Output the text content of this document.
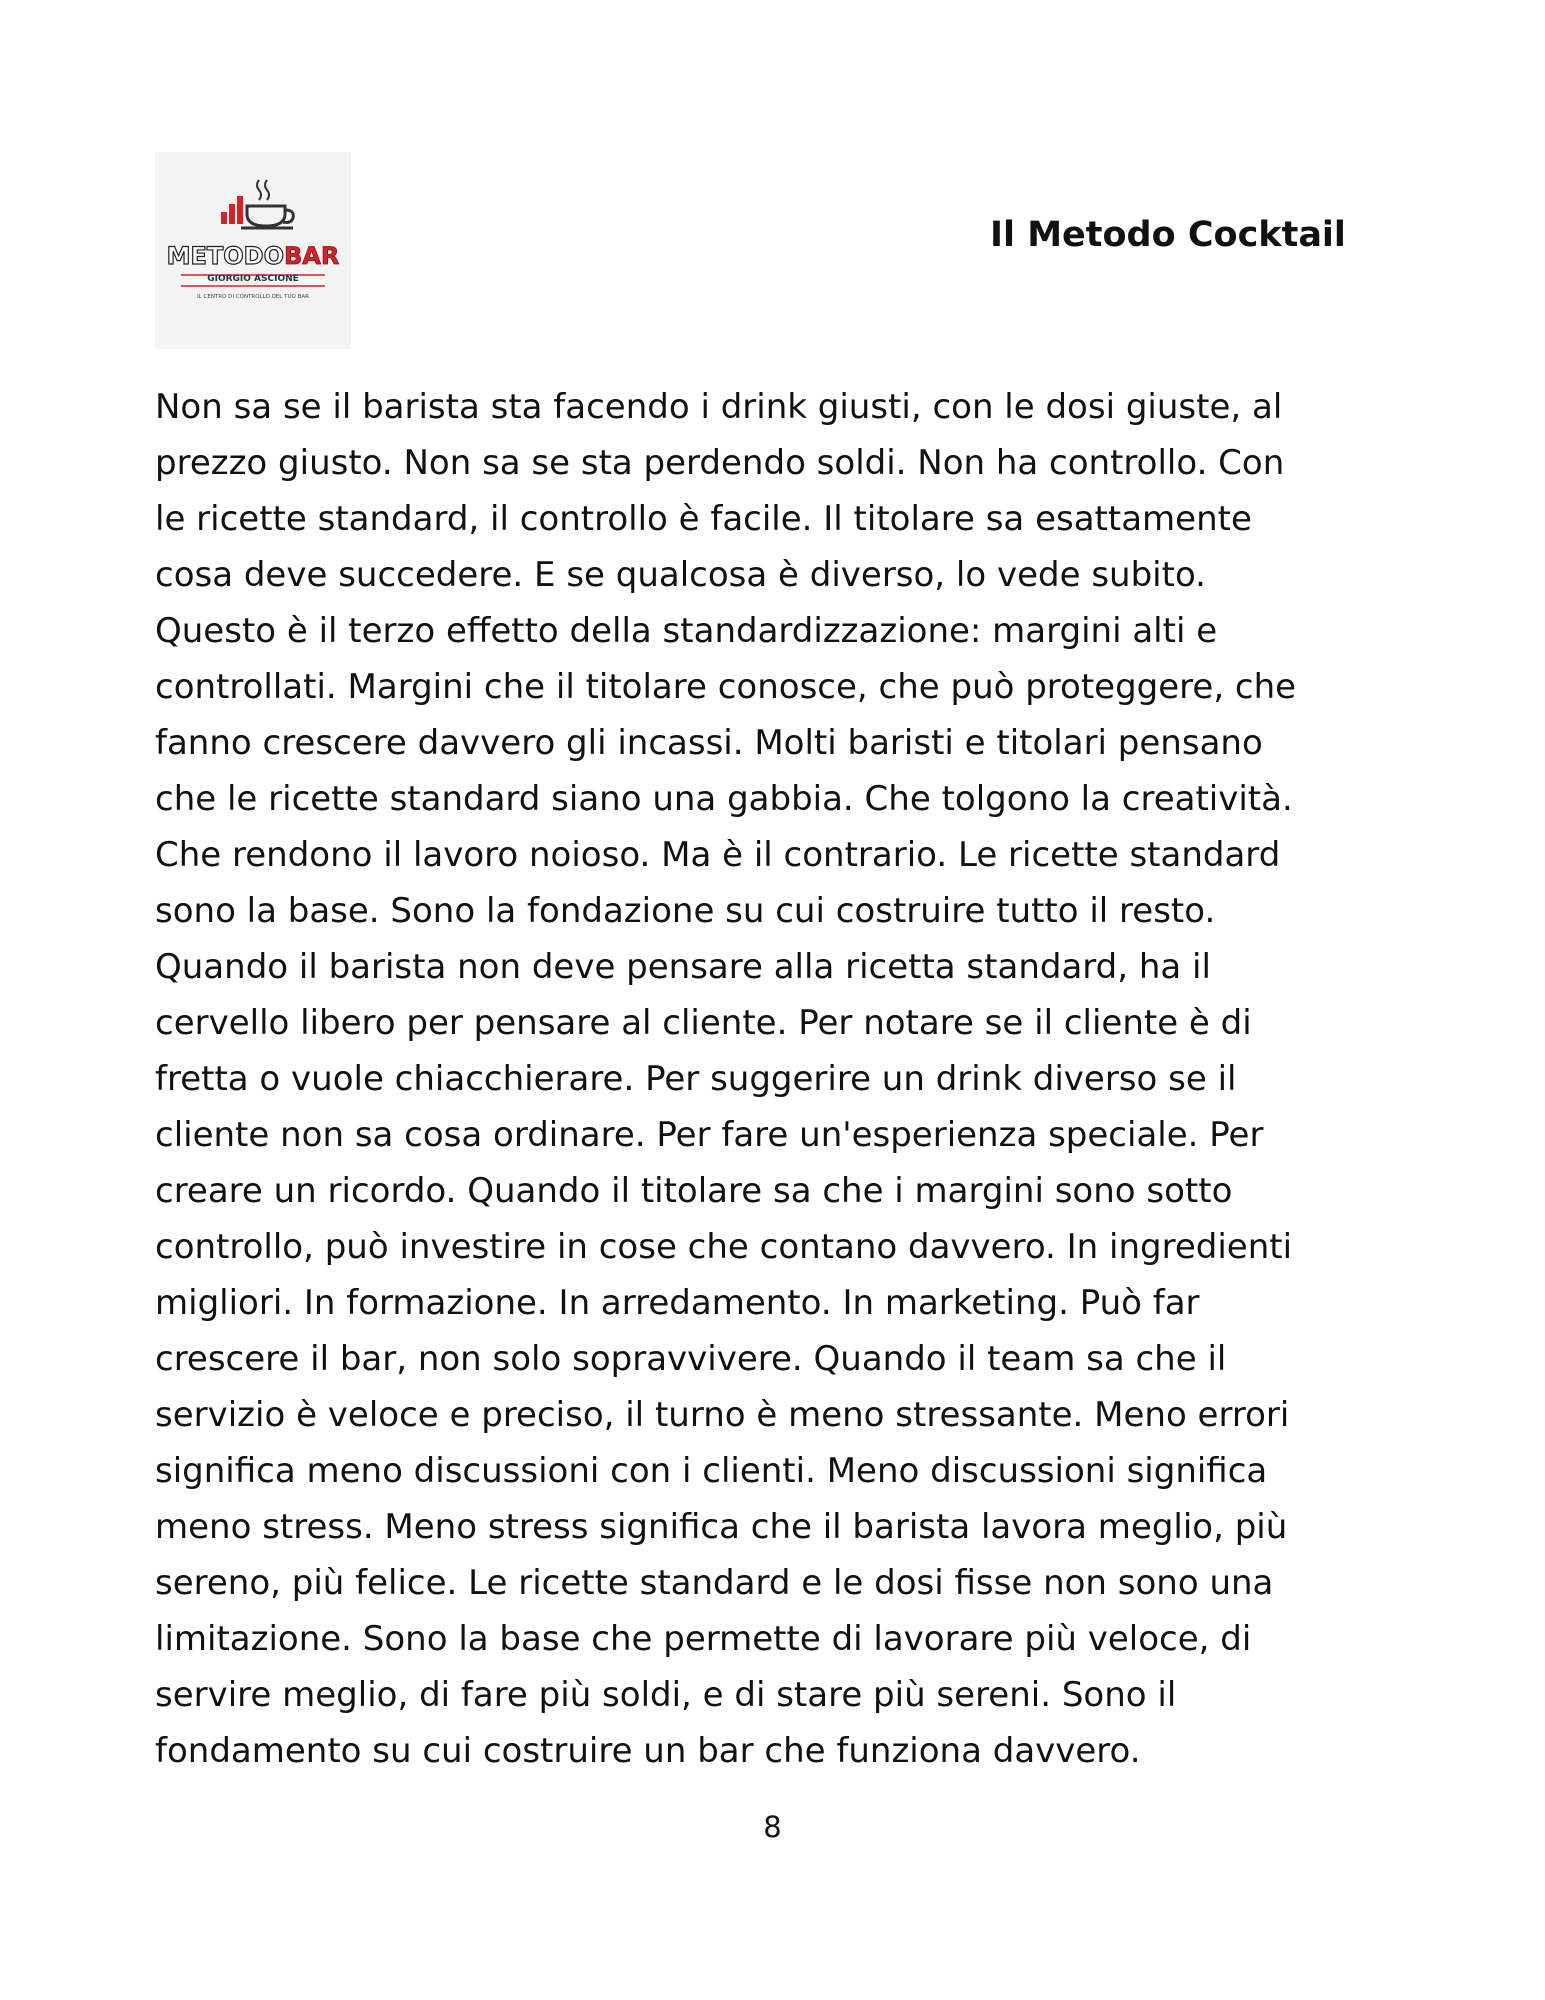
METODOBAR
GIORGIO ASCIONE
IL CENTRO DI CONTROLLO DEL TUO BAR
Il Metodo Cocktail

Non sa se il barista sta facendo i drink giusti, con le dosi giuste, al
prezzo giusto. Non sa se sta perdendo soldi. Non ha controllo. Con
le ricette standard, il controllo è facile. Il titolare sa esattamente
cosa deve succedere. E se qualcosa è diverso, lo vede subito.
Questo è il terzo effetto della standardizzazione: margini alti e
controllati. Margini che il titolare conosce, che può proteggere, che
fanno crescere davvero gli incassi. Molti baristi e titolari pensano
che le ricette standard siano una gabbia. Che tolgono la creatività.
Che rendono il lavoro noioso. Ma è il contrario. Le ricette standard
sono la base. Sono la fondazione su cui costruire tutto il resto.
Quando il barista non deve pensare alla ricetta standard, ha il
cervello libero per pensare al cliente. Per notare se il cliente è di
fretta o vuole chiacchierare. Per suggerire un drink diverso se il
cliente non sa cosa ordinare. Per fare un'esperienza speciale. Per
creare un ricordo. Quando il titolare sa che i margini sono sotto
controllo, può investire in cose che contano davvero. In ingredienti
migliori. In formazione. In arredamento. In marketing. Può far
crescere il bar, non solo sopravvivere. Quando il team sa che il
servizio è veloce e preciso, il turno è meno stressante. Meno errori
significa meno discussioni con i clienti. Meno discussioni significa
meno stress. Meno stress significa che il barista lavora meglio, più
sereno, più felice. Le ricette standard e le dosi fisse non sono una
limitazione. Sono la base che permette di lavorare più veloce, di
servire meglio, di fare più soldi, e di stare più sereni. Sono il
fondamento su cui costruire un bar che funziona davvero.

8
